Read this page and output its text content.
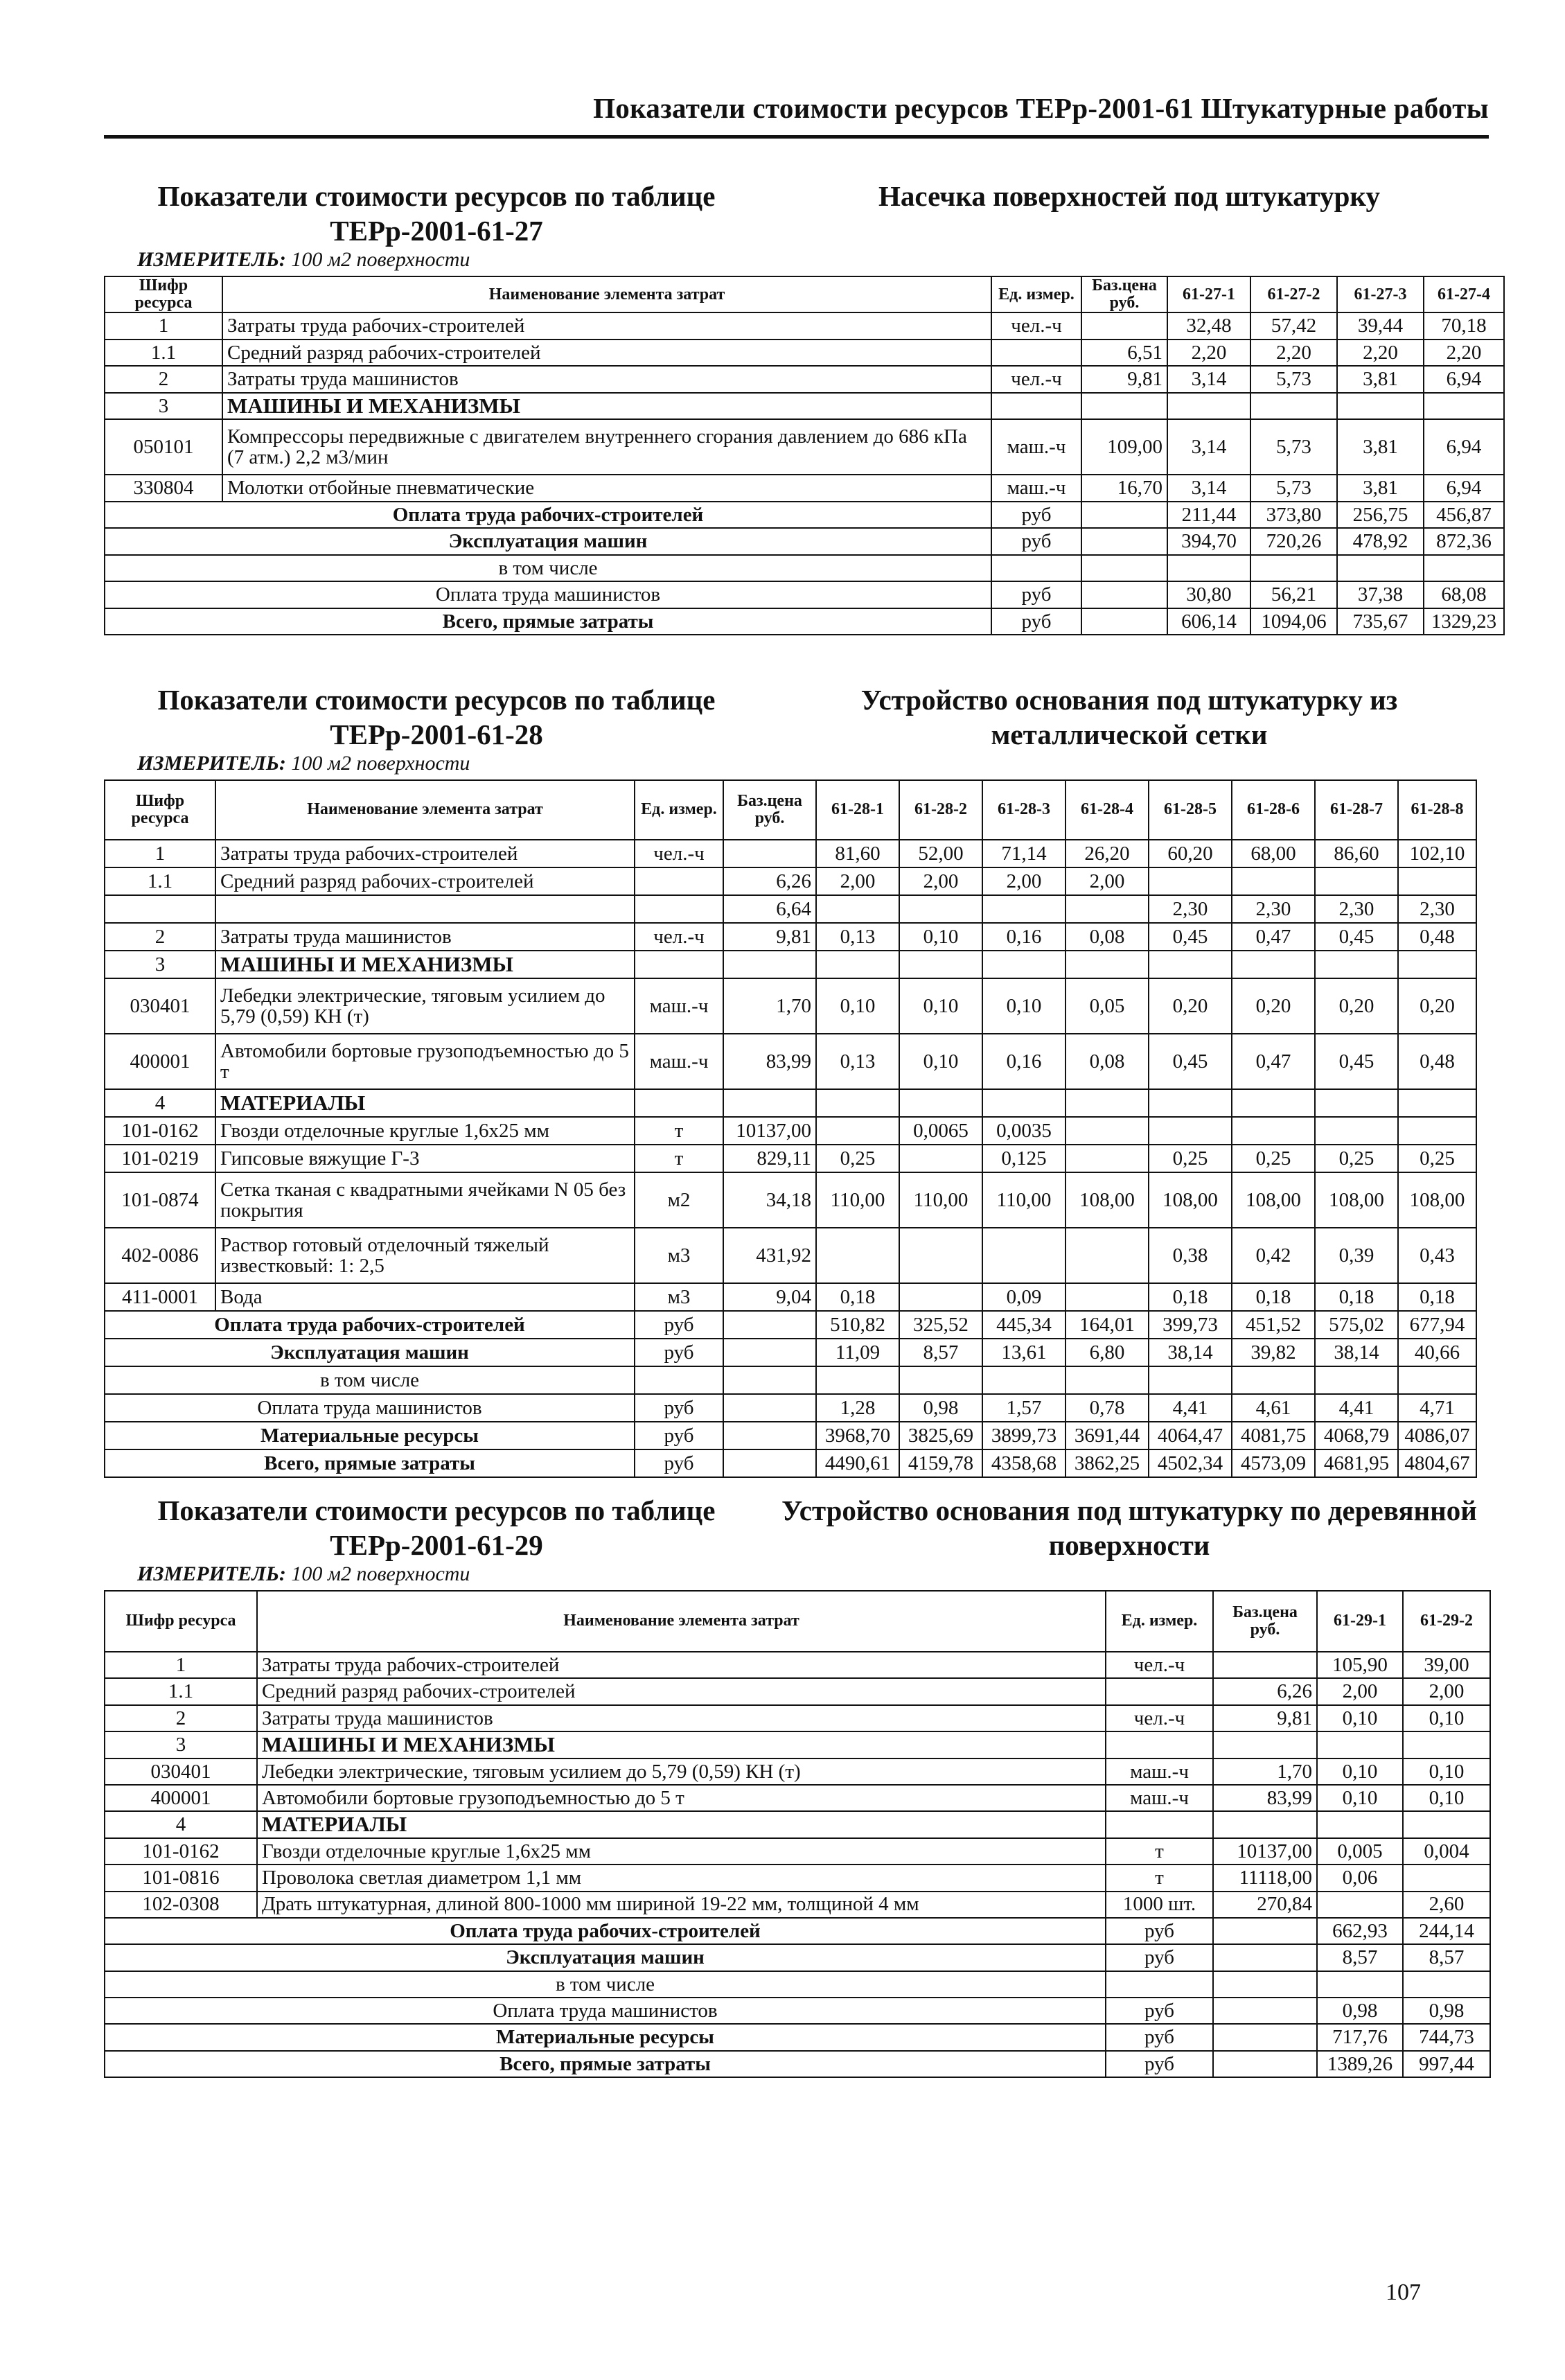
Показатели стоимости ресурсов ТЕРр-2001-61 Штукатурные работы
Показатели стоимости ресурсов по таблице ТЕРр-2001-61-27
Насечка поверхностей под штукатурку
ИЗМЕРИТЕЛЬ: 100 м2 поверхности
Шифр ресурса	Наименование элемента затрат	Ед. измер.	Баз.цена руб.	61-27-1	61-27-2	61-27-3	61-27-4
1	Затраты труда рабочих-строителей	чел.-ч		32,48	57,42	39,44	70,18
1.1	Средний разряд рабочих-строителей		6,51	2,20	2,20	2,20	2,20
2	Затраты труда машинистов	чел.-ч	9,81	3,14	5,73	3,81	6,94
3	МАШИНЫ И МЕХАНИЗМЫ						
050101	Компрессоры передвижные с двигателем внутреннего сгорания давлением до 686 кПа (7 атм.) 2,2 м3/мин	маш.-ч	109,00	3,14	5,73	3,81	6,94
330804	Молотки отбойные пневматические	маш.-ч	16,70	3,14	5,73	3,81	6,94
Оплата труда рабочих-строителей		руб		211,44	373,80	256,75	456,87
Эксплуатация машин		руб		394,70	720,26	478,92	872,36
в том числе							
Оплата труда машинистов		руб		30,80	56,21	37,38	68,08
Всего, прямые затраты		руб		606,14	1094,06	735,67	1329,23
Показатели стоимости ресурсов по таблице ТЕРр-2001-61-28
Устройство основания под штукатурку из металлической сетки
ИЗМЕРИТЕЛЬ: 100 м2 поверхности
Шифр ресурса	Наименование элемента затрат	Ед. измер.	Баз.цена руб.	61-28-1	61-28-2	61-28-3	61-28-4	61-28-5	61-28-6	61-28-7	61-28-8
1	Затраты труда рабочих-строителей	чел.-ч		81,60	52,00	71,14	26,20	60,20	68,00	86,60	102,10
1.1	Средний разряд рабочих-строителей		6,26	2,00	2,00	2,00	2,00				
			6,64					2,30	2,30	2,30	2,30
2	Затраты труда машинистов	чел.-ч	9,81	0,13	0,10	0,16	0,08	0,45	0,47	0,45	0,48
3	МАШИНЫ И МЕХАНИЗМЫ										
030401	Лебедки электрические, тяговым усилием до 5,79 (0,59) КН (т)	маш.-ч	1,70	0,10	0,10	0,10	0,05	0,20	0,20	0,20	0,20
400001	Автомобили бортовые грузоподъемностью до 5 т	маш.-ч	83,99	0,13	0,10	0,16	0,08	0,45	0,47	0,45	0,48
4	МАТЕРИАЛЫ										
101-0162	Гвозди отделочные круглые 1,6х25 мм	т	10137,00		0,0065	0,0035					
101-0219	Гипсовые вяжущие Г-3	т	829,11	0,25		0,125		0,25	0,25	0,25	0,25
101-0874	Сетка тканая с квадратными ячейками N 05 без покрытия	м2	34,18	110,00	110,00	110,00	108,00	108,00	108,00	108,00	108,00
402-0086	Раствор готовый отделочный тяжелый известковый: 1: 2,5	м3	431,92					0,38	0,42	0,39	0,43
411-0001	Вода	м3	9,04	0,18		0,09		0,18	0,18	0,18	0,18
Оплата труда рабочих-строителей		руб		510,82	325,52	445,34	164,01	399,73	451,52	575,02	677,94
Эксплуатация машин		руб		11,09	8,57	13,61	6,80	38,14	39,82	38,14	40,66
в том числе											
Оплата труда машинистов		руб		1,28	0,98	1,57	0,78	4,41	4,61	4,41	4,71
Материальные ресурсы		руб		3968,70	3825,69	3899,73	3691,44	4064,47	4081,75	4068,79	4086,07
Всего, прямые затраты		руб		4490,61	4159,78	4358,68	3862,25	4502,34	4573,09	4681,95	4804,67
Показатели стоимости ресурсов по таблице ТЕРр-2001-61-29
Устройство основания под штукатурку по деревянной поверхности
ИЗМЕРИТЕЛЬ: 100 м2 поверхности
Шифр ресурса	Наименование элемента затрат	Ед. измер.	Баз.цена руб.	61-29-1	61-29-2
1	Затраты труда рабочих-строителей	чел.-ч		105,90	39,00
1.1	Средний разряд рабочих-строителей		6,26	2,00	2,00
2	Затраты труда машинистов	чел.-ч	9,81	0,10	0,10
3	МАШИНЫ И МЕХАНИЗМЫ				
030401	Лебедки электрические, тяговым усилием до 5,79 (0,59) КН (т)	маш.-ч	1,70	0,10	0,10
400001	Автомобили бортовые грузоподъемностью до 5 т	маш.-ч	83,99	0,10	0,10
4	МАТЕРИАЛЫ				
101-0162	Гвозди отделочные круглые 1,6х25 мм	т	10137,00	0,005	0,004
101-0816	Проволока светлая диаметром 1,1 мм	т	11118,00	0,06	
102-0308	Драть штукатурная, длиной 800-1000 мм шириной 19-22 мм, толщиной 4 мм	1000 шт.	270,84		2,60
Оплата труда рабочих-строителей		руб		662,93	244,14
Эксплуатация машин		руб		8,57	8,57
в том числе					
Оплата труда машинистов		руб		0,98	0,98
Материальные ресурсы		руб		717,76	744,73
Всего, прямые затраты		руб		1389,26	997,44
107
